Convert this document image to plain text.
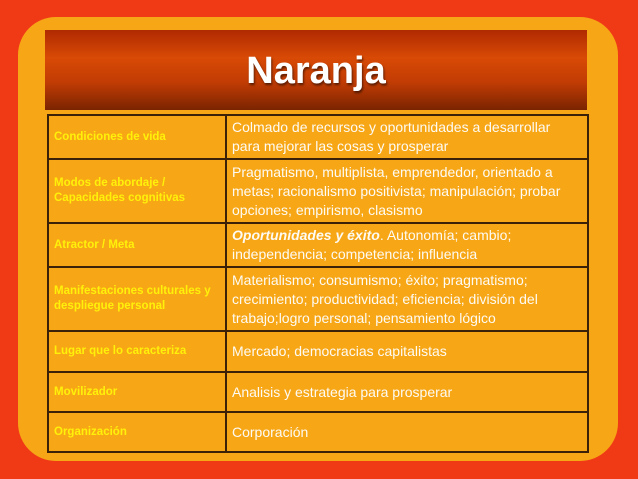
Naranja
Condiciones de vida	Colmado de recursos y oportunidades a desarrollar para mejorar las cosas y prosperar
Modos de abordaje / Capacidades cognitivas	Pragmatismo, multiplista, emprendedor, orientado a metas; racionalismo positivista; manipulación; probar opciones; empirismo, clasismo
Atractor / Meta	Oportunidades y éxito. Autonomía; cambio; independencia; competencia; influencia
Manifestaciones culturales y despliegue personal	Materialismo; consumismo; éxito; pragmatismo; crecimiento; productividad; eficiencia; división del trabajo;logro personal; pensamiento lógico
Lugar que lo caracteriza	Mercado; democracias capitalistas
Movilizador	Analisis y estrategia para prosperar
Organización	Corporación
